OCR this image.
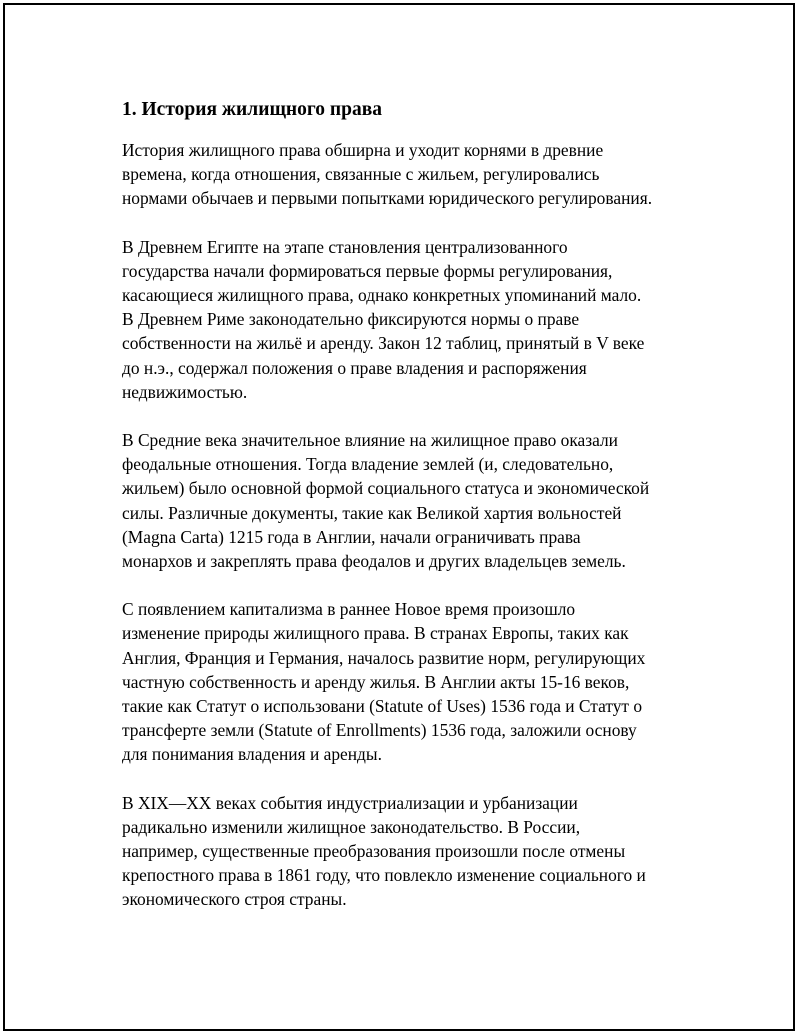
1. История жилищного права
История жилищного права обширна и уходит корнями в древние
времена, когда отношения, связанные с жильем, регулировались
нормами обычаев и первыми попытками юридического регулирования.
В Древнем Египте на этапе становления централизованного
государства начали формироваться первые формы регулирования,
касающиеся жилищного права, однако конкретных упоминаний мало.
В Древнем Риме законодательно фиксируются нормы о праве
собственности на жильё и аренду. Закон 12 таблиц, принятый в V веке
до н.э., содержал положения о праве владения и распоряжения
недвижимостью.
В Средние века значительное влияние на жилищное право оказали
феодальные отношения. Тогда владение землей (и, следовательно,
жильем) было основной формой социального статуса и экономической
силы. Различные документы, такие как Великой хартия вольностей
(Magna Carta) 1215 года в Англии, начали ограничивать права
монархов и закреплять права феодалов и других владельцев земель.
С появлением капитализма в раннее Новое время произошло
изменение природы жилищного права. В странах Европы, таких как
Англия, Франция и Германия, началось развитие норм, регулирующих
частную собственность и аренду жилья. В Англии акты 15-16 веков,
такие как Статут о использовани (Statute of Uses) 1536 года и Статут о
трансферте земли (Statute of Enrollments) 1536 года, заложили основу
для понимания владения и аренды.
В XIX—XX веках события индустриализации и урбанизации
радикально изменили жилищное законодательство. В России,
например, существенные преобразования произошли после отмены
крепостного права в 1861 году, что повлекло изменение социального и
экономического строя страны.
